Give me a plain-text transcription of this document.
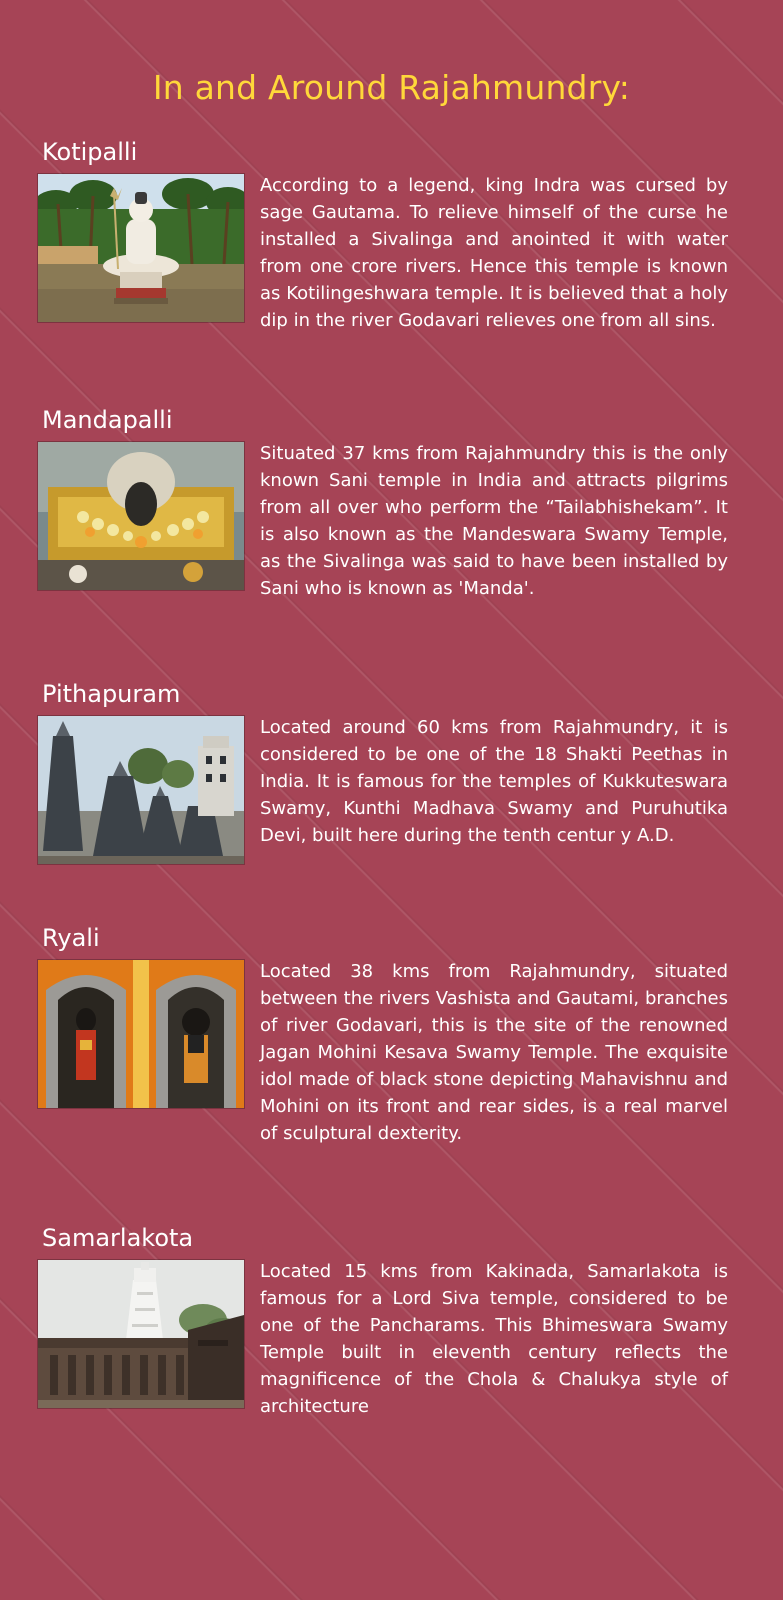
In and Around Rajahmundry:
Kotipalli

According to a legend, king Indra was cursed by sage Gautama. To relieve himself of the curse he installed a Sivalinga and anointed it with water from one crore rivers. Hence this temple is known as Kotilingeshwara temple. It is believed that a holy dip in the river Godavari relieves one from all sins.

Mandapalli

Situated 37 kms from Rajahmundry this is the only known Sani temple in India and attracts pilgrims from all over who perform the “Tailabhishekam”. It is also known as the Mandeswara Swamy Temple, as the Sivalinga was said to have been installed by Sani who is known as 'Manda'.

Pithapuram

Located around 60 kms from Rajahmundry, it is considered to be one of the 18 Shakti Peethas in India. It is famous for the temples of Kukkuteswara Swamy, Kunthi Madhava Swamy and Puruhutika Devi, built here during the tenth centur y A.D.

Ryali

Located 38 kms from Rajahmundry, situated between the rivers Vashista and Gautami, branches of river Godavari, this is the site of the renowned Jagan Mohini Kesava Swamy Temple. The exquisite idol made of black stone depicting Mahavishnu and Mohini on its front and rear sides, is a real marvel of sculptural dexterity.

Samarlakota

Located 15 kms from Kakinada, Samarlakota is famous for a Lord Siva temple, considered to be one of the Pancharams. This Bhimeswara Swamy Temple built in eleventh century reflects the magnificence of the Chola & Chalukya style of architecture
